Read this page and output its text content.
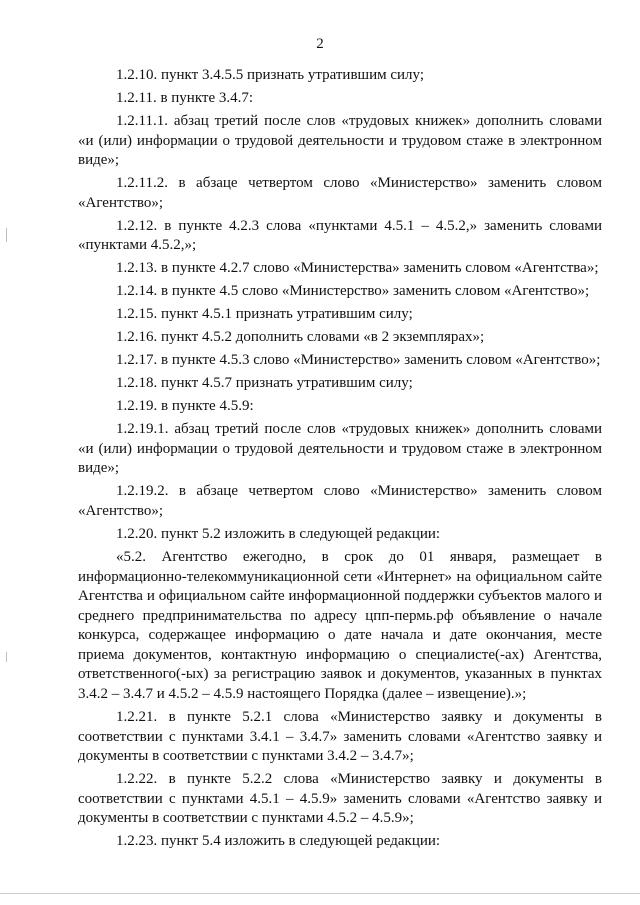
2

1.2.10. пункт 3.4.5.5 признать утратившим силу;

1.2.11. в пункте 3.4.7:

1.2.11.1. абзац третий после слов «трудовых книжек» дополнить словами «и (или) информации о трудовой деятельности и трудовом стаже в электронном виде»;

1.2.11.2. в абзаце четвертом слово «Министерство» заменить словом «Агентство»;

1.2.12. в пункте 4.2.3 слова «пунктами 4.5.1 – 4.5.2,» заменить словами «пунктами 4.5.2,»;

1.2.13. в пункте 4.2.7 слово «Министерства» заменить словом «Агентства»;

1.2.14. в пункте 4.5 слово «Министерство» заменить словом «Агентство»;

1.2.15. пункт 4.5.1 признать утратившим силу;

1.2.16. пункт 4.5.2 дополнить словами «в 2 экземплярах»;

1.2.17. в пункте 4.5.3 слово «Министерство» заменить словом «Агентство»;

1.2.18. пункт 4.5.7 признать утратившим силу;

1.2.19. в пункте 4.5.9:

1.2.19.1. абзац третий после слов «трудовых книжек» дополнить словами «и (или) информации о трудовой деятельности и трудовом стаже в электронном виде»;

1.2.19.2. в абзаце четвертом слово «Министерство» заменить словом «Агентство»;

1.2.20. пункт 5.2 изложить в следующей редакции:

«5.2. Агентство ежегодно, в срок до 01 января, размещает в информационно-телекоммуникационной сети «Интернет» на официальном сайте Агентства и официальном сайте информационной поддержки субъектов малого и среднего предпринимательства по адресу цпп-пермь.рф объявление о начале конкурса, содержащее информацию о дате начала и дате окончания, месте приема документов, контактную информацию о специалисте(-ах) Агентства, ответственного(-ых) за регистрацию заявок и документов, указанных в пунктах 3.4.2 – 3.4.7 и 4.5.2 – 4.5.9 настоящего Порядка (далее – извещение).»;

1.2.21. в пункте 5.2.1 слова «Министерство заявку и документы в соответствии с пунктами 3.4.1 – 3.4.7» заменить словами «Агентство заявку и документы в соответствии с пунктами 3.4.2 – 3.4.7»;

1.2.22. в пункте 5.2.2 слова «Министерство заявку и документы в соответствии с пунктами 4.5.1 – 4.5.9» заменить словами «Агентство заявку и документы в соответствии с пунктами 4.5.2 – 4.5.9»;

1.2.23. пункт 5.4 изложить в следующей редакции:
